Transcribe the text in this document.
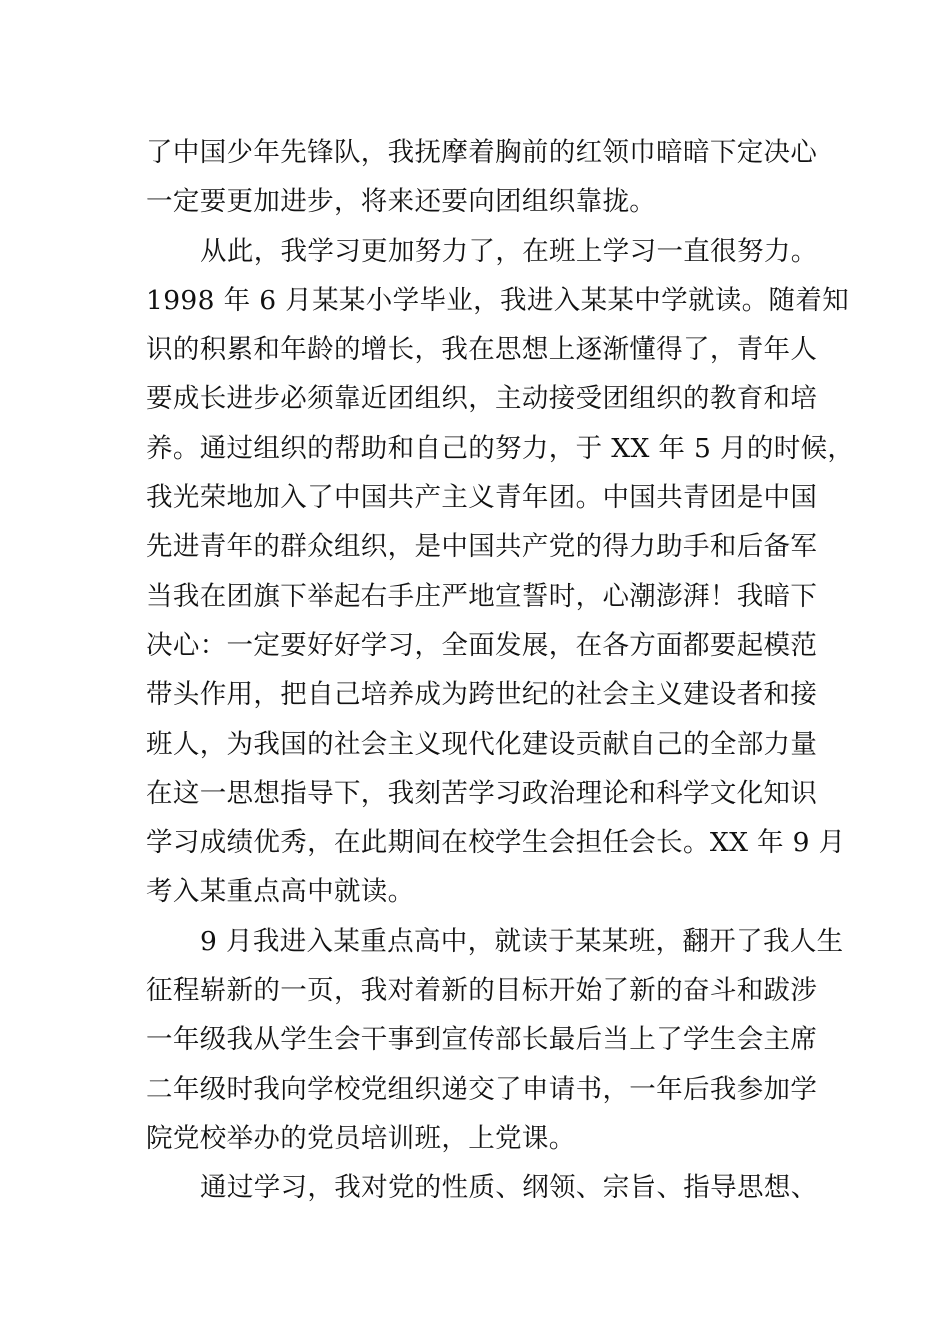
了中国少年先锋队，我抚摩着胸前的红领巾暗暗下定决心
一定要更加进步，将来还要向团组织靠拢。
从此，我学习更加努力了，在班上学习一直很努力。
1998 年 6 月某某小学毕业，我进入某某中学就读。随着知
识的积累和年龄的增长，我在思想上逐渐懂得了，青年人
要成长进步必须靠近团组织，主动接受团组织的教育和培
养。通过组织的帮助和自己的努力，于 XX 年 5 月的时候，
我光荣地加入了中国共产主义青年团。中国共青团是中国
先进青年的群众组织，是中国共产党的得力助手和后备军
当我在团旗下举起右手庄严地宣誓时，心潮澎湃！我暗下
决心：一定要好好学习，全面发展，在各方面都要起模范
带头作用，把自己培养成为跨世纪的社会主义建设者和接
班人，为我国的社会主义现代化建设贡献自己的全部力量
在这一思想指导下，我刻苦学习政治理论和科学文化知识
学习成绩优秀，在此期间在校学生会担任会长。XX 年 9 月
考入某重点高中就读。
9 月我进入某重点高中，就读于某某班，翻开了我人生
征程崭新的一页，我对着新的目标开始了新的奋斗和跋涉
一年级我从学生会干事到宣传部长最后当上了学生会主席
二年级时我向学校党组织递交了申请书，一年后我参加学
院党校举办的党员培训班，上党课。
通过学习，我对党的性质、纲领、宗旨、指导思想、
